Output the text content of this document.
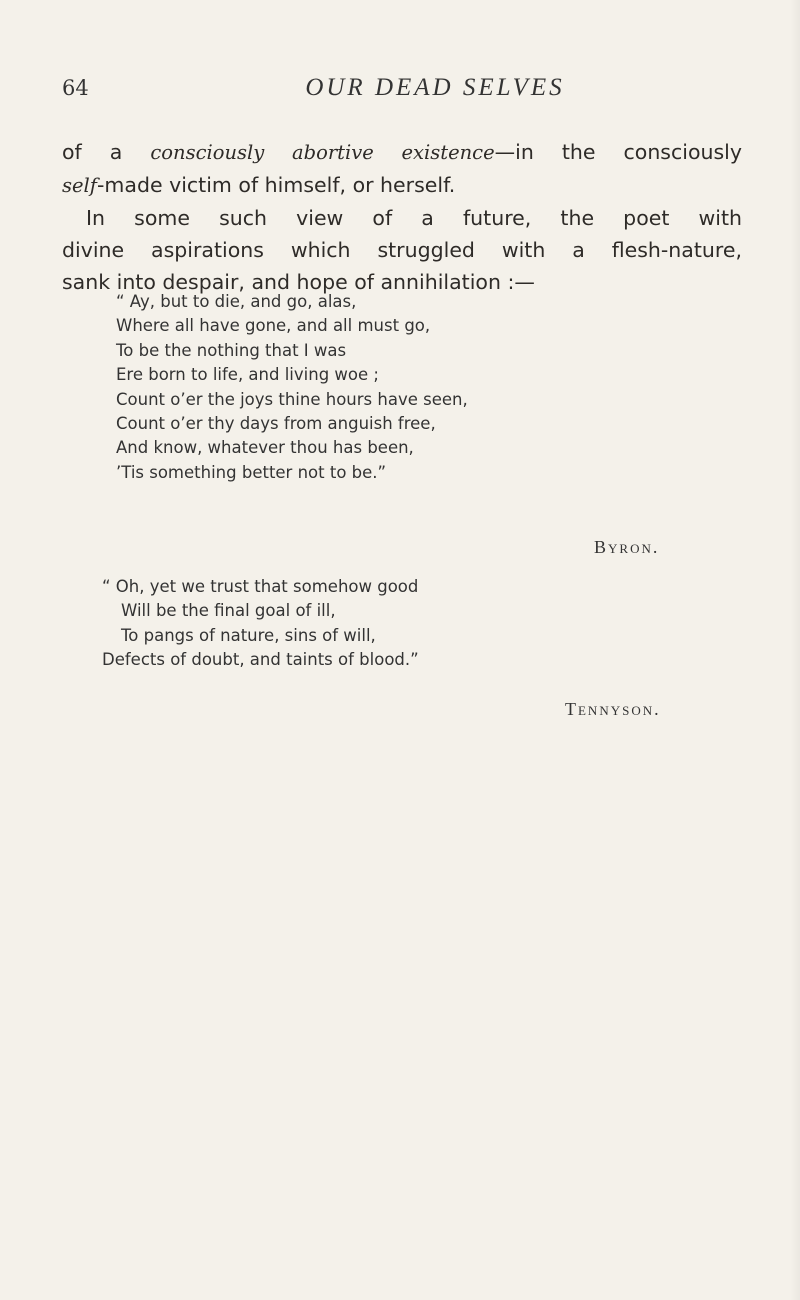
64	OUR DEAD SELVES
of a consciously abortive existence—in the consciously
self-made victim of himself, or herself.
In some such view of a future, the poet with
divine aspirations which struggled with a flesh-nature,
sank into despair, and hope of annihilation :—
“ Ay, but to die, and go, alas,
Where all have gone, and all must go,
To be the nothing that I was
Ere born to life, and living woe ;
Count o’er the joys thine hours have seen,
Count o’er thy days from anguish free,
And know, whatever thou has been,
’Tis something better not to be.”
Byron.
“ Oh, yet we trust that somehow good
Will be the final goal of ill,
To pangs of nature, sins of will,
Defects of doubt, and taints of blood.”
Tennyson.
